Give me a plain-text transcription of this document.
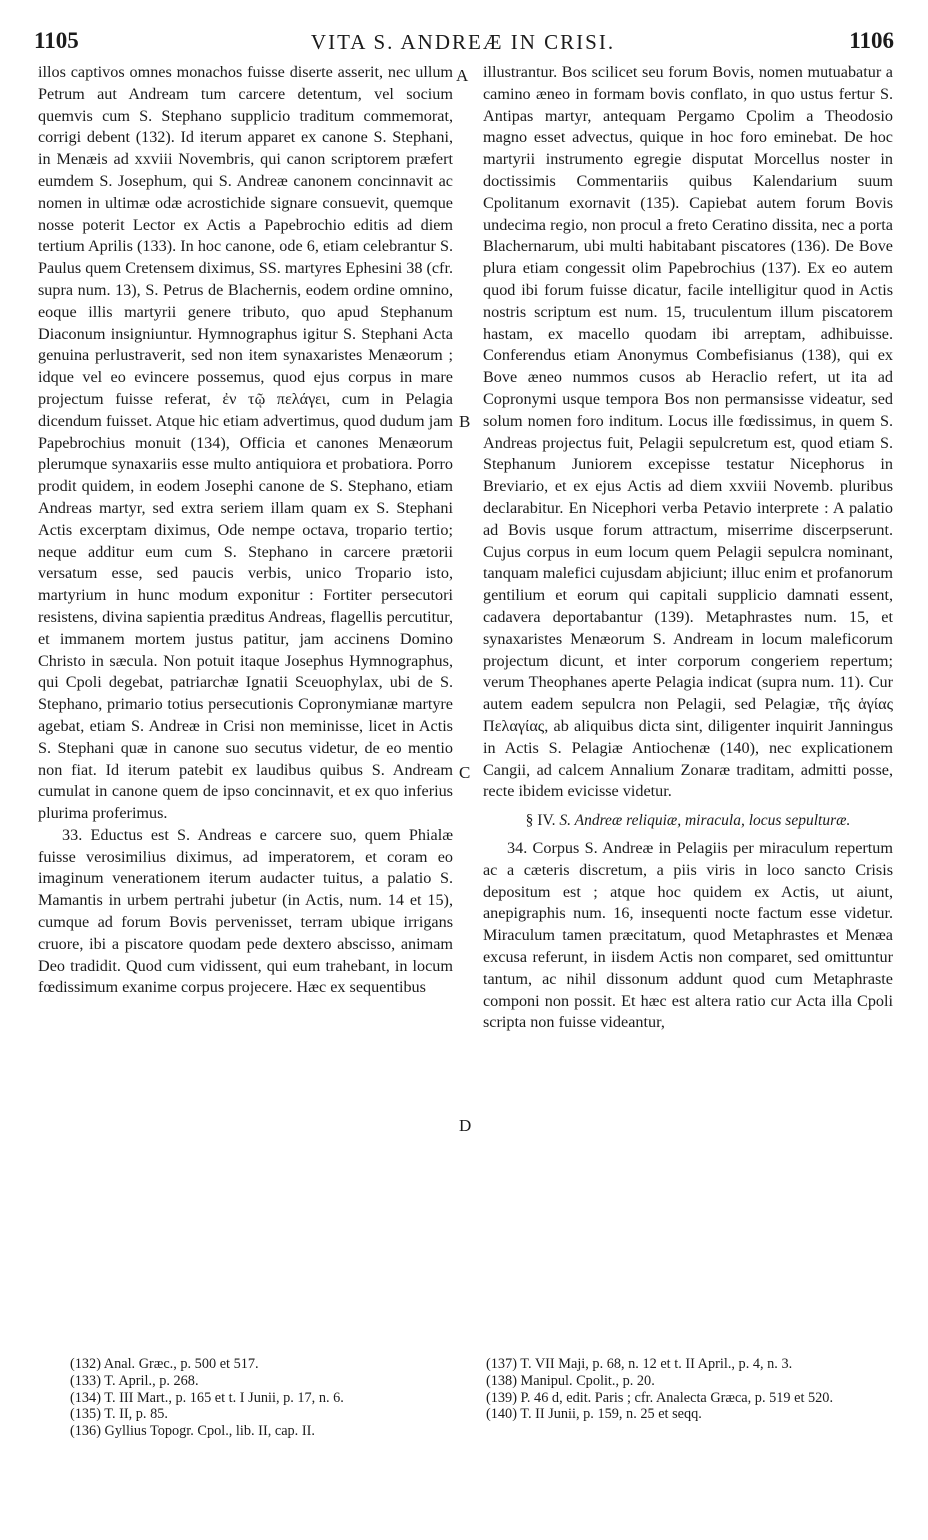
1105	VITA S. ANDREÆ IN CRISI.	1106

illos captivos omnes monachos fuisse diserte asserit, nec ullum Petrum aut Andream tum carcere detentum, vel socium quemvis cum S. Stephano supplicio traditum commemorat, corrigi debent (132). Id iterum apparet ex canone S. Stephani, in Menæis ad xxviii Novembris, qui canon scriptorem præfert eumdem S. Josephum, qui S. Andreæ canonem concinnavit ac nomen in ultimæ odæ acrostichide signare consuevit, quemque nosse poterit Lector ex Actis a Papebrochio editis ad diem tertium Aprilis (133). In hoc canone, ode 6, etiam celebrantur S. Paulus quem Cretensem diximus, SS. martyres Ephesini 38 (cfr. supra num. 13), S. Petrus de Blachernis, eodem ordine omnino, eoque illis martyrii genere tributo, quo apud Stephanum Diaconum insigniuntur. Hymnographus igitur S. Stephani Acta genuina perlustraverit, sed non item synaxaristes Menæorum ; idque vel eo evincere possemus, quod ejus corpus in mare projectum fuisse referat, ἐν τῷ πελάγει, cum in Pelagia dicendum fuisset. Atque hic etiam advertimus, quod dudum jam Papebrochius monuit (134), Officia et canones Menæorum plerumque synaxariis esse multo antiquiora et probatiora. Porro prodit quidem, in eodem Josephi canone de S. Stephano, etiam Andreas martyr, sed extra seriem illam quam ex S. Stephani Actis excerptam diximus, Ode nempe octava, tropario tertio; neque additur eum cum S. Stephano in carcere prætorii versatum esse, sed paucis verbis, unico Tropario isto, martyrium in hunc modum exponitur : Fortiter persecutori resistens, divina sapientia præditus Andreas, flagellis percutitur, et immanem mortem justus patitur, jam accinens Domino Christo in sæcula. Non potuit itaque Josephus Hymnographus, qui Cpoli degebat, patriarchæ Ignatii Sceuophylax, ubi de S. Stephano, primario totius persecutionis Copronymianæ martyre agebat, etiam S. Andreæ in Crisi non meminisse, licet in Actis S. Stephani quæ in canone suo secutus videtur, de eo mentio non fiat. Id iterum patebit ex laudibus quibus S. Andream cumulat in canone quem de ipso concinnavit, et ex quo inferius plurima proferimus.

33. Eductus est S. Andreas e carcere suo, quem Phialæ fuisse verosimilius diximus, ad imperatorem, et coram eo imaginum venerationem iterum audacter tuitus, a palatio S. Mamantis in urbem pertrahi jubetur (in Actis, num. 14 et 15), cumque ad forum Bovis pervenisset, terram ubique irrigans cruore, ibi a piscatore quodam pede dextero abscisso, animam Deo tradidit. Quod cum vidissent, qui eum trahebant, in locum fœdissimum exanime corpus projecere. Hæc ex sequentibus

A
B
C
D

illustrantur. Bos scilicet seu forum Bovis, nomen mutuabatur a camino æneo in formam bovis conflato, in quo ustus fertur S. Antipas martyr, antequam Pergamo Cpolim a Theodosio magno esset advectus, quique in hoc foro eminebat. De hoc martyrii instrumento egregie disputat Morcellus noster in doctissimis Commentariis quibus Kalendarium suum Cpolitanum exornavit (135). Capiebat autem forum Bovis undecima regio, non procul a freto Ceratino dissita, nec a porta Blachernarum, ubi multi habitabant piscatores (136). De Bove plura etiam congessit olim Papebrochius (137). Ex eo autem quod ibi forum fuisse dicatur, facile intelligitur quod in Actis nostris scriptum est num. 15, truculentum illum piscatorem hastam, ex macello quodam ibi arreptam, adhibuisse. Conferendus etiam Anonymus Combefisianus (138), qui ex Bove æneo nummos cusos ab Heraclio refert, ut ita ad Copronymi usque tempora Bos non permansisse videatur, sed solum nomen foro inditum. Locus ille fœdissimus, in quem S. Andreas projectus fuit, Pelagii sepulcretum est, quod etiam S. Stephanum Juniorem excepisse testatur Nicephorus in Breviario, et ex ejus Actis ad diem xxviii Novemb. pluribus declarabitur. En Nicephori verba Petavio interprete : A palatio ad Bovis usque forum attractum, miserrime discerpserunt. Cujus corpus in eum locum quem Pelagii sepulcra nominant, tanquam malefici cujusdam abjiciunt; illuc enim et profanorum gentilium et eorum qui capitali supplicio damnati essent, cadavera deportabantur (139). Metaphrastes num. 15, et synaxaristes Menæorum S. Andream in locum maleficorum projectum dicunt, et inter corporum congeriem repertum; verum Theophanes aperte Pelagia indicat (supra num. 11). Cur autem eadem sepulcra non Pelagii, sed Pelagiæ, τῆς ἁγίας Πελαγίας, ab aliquibus dicta sint, diligenter inquirit Janningus in Actis S. Pelagiæ Antiochenæ (140), nec explicationem Cangii, ad calcem Annalium Zonaræ traditam, admitti posse, recte ibidem evicisse videtur.

§ IV. S. Andreæ reliquiæ, miracula, locus sepulturæ.

34. Corpus S. Andreæ in Pelagiis per miraculum repertum ac a cæteris discretum, a piis viris in loco sancto Crisis depositum est ; atque hoc quidem ex Actis, ut aiunt, anepigraphis num. 16, insequenti nocte factum esse videtur. Miraculum tamen præcitatum, quod Metaphrastes et Menæa excusa referunt, in iisdem Actis non comparet, sed omittuntur tantum, ac nihil dissonum addunt quod cum Metaphraste componi non possit. Et hæc est altera ratio cur Acta illa Cpoli scripta non fuisse videantur,

(132) Anal. Græc., p. 500 et 517.
(133) T. April., p. 268.
(134) T. III Mart., p. 165 et t. I Junii, p. 17, n. 6.
(135) T. II, p. 85.
(136) Gyllius Topogr. Cpol., lib. II, cap. II.
(137) T. VII Maji, p. 68, n. 12 et t. II April., p. 4, n. 3.
(138) Manipul. Cpolit., p. 20.
(139) P. 46 d, edit. Paris ; cfr. Analecta Græca, p. 519 et 520.
(140) T. II Junii, p. 159, n. 25 et seqq.
